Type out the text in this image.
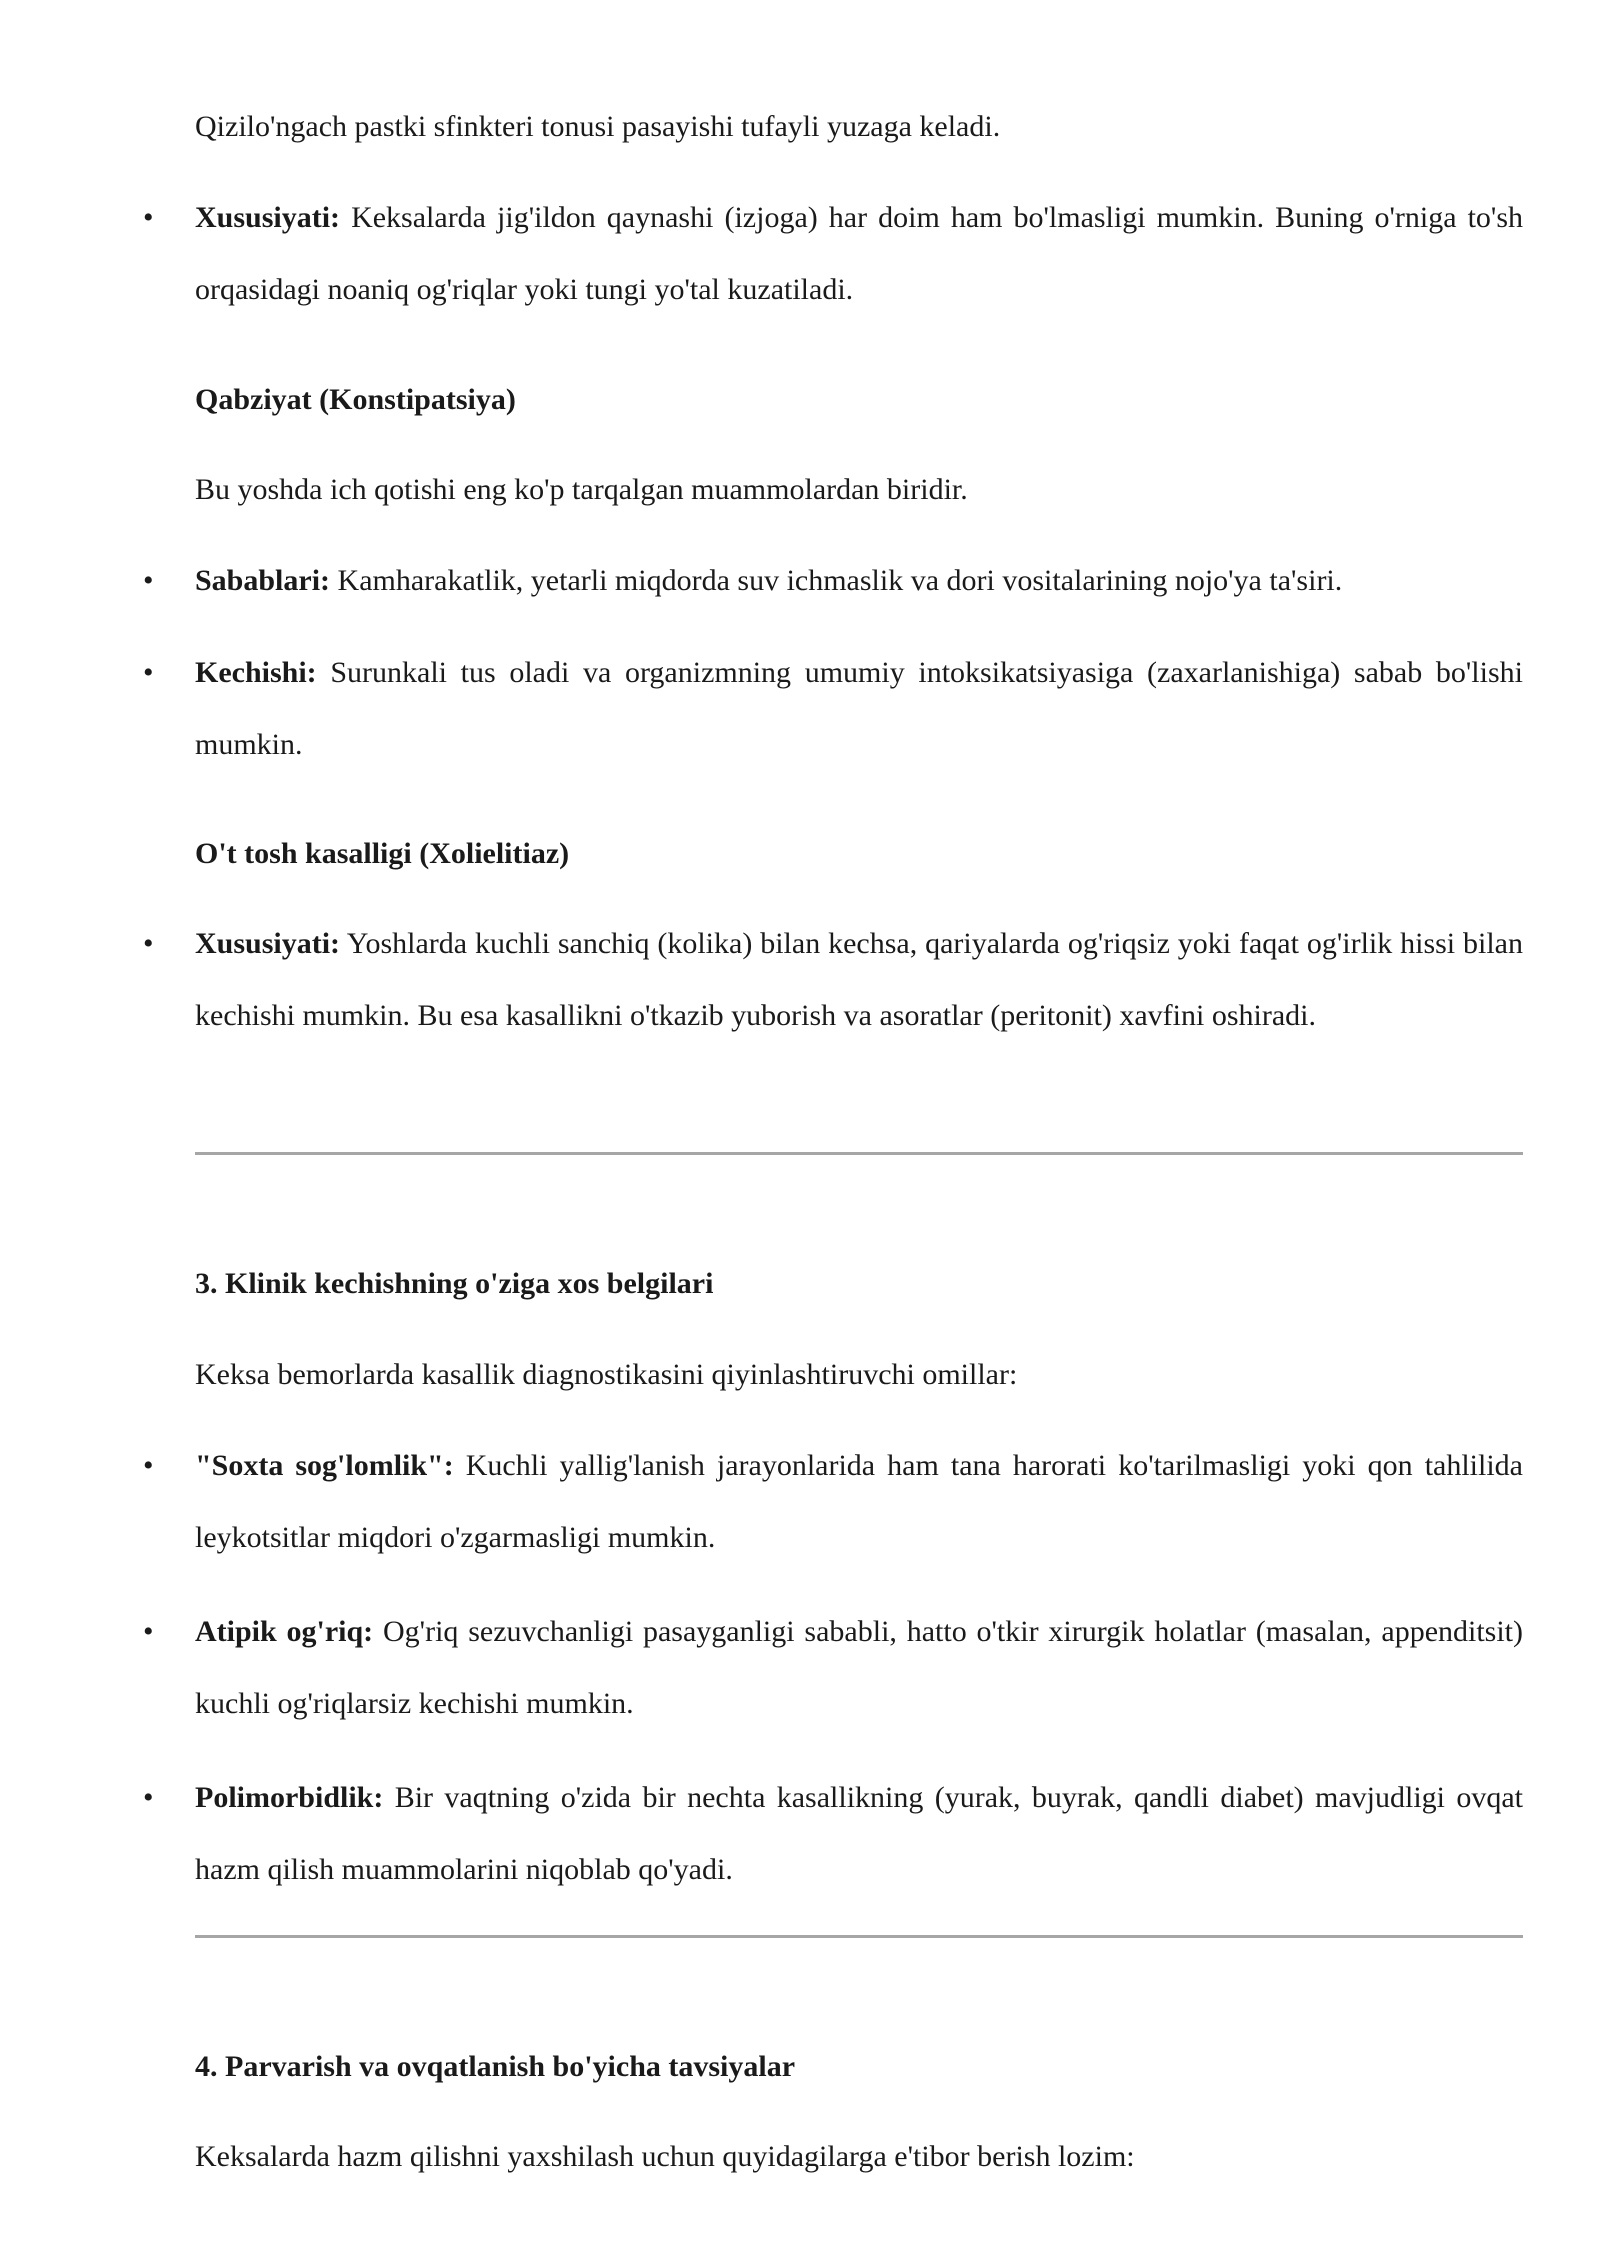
Qizilo'ngach pastki sfinkteri tonusi pasayishi tufayli yuzaga keladi.

• Xususiyati: Keksalarda jig'ildon qaynashi (izjoga) har doim ham bo'lmasligi mumkin. Buning o'rniga to'sh orqasidagi noaniq og'riqlar yoki tungi yo'tal kuzatiladi.

Qabziyat (Konstipatsiya)

Bu yoshda ich qotishi eng ko'p tarqalgan muammolardan biridir.

• Sabablari: Kamharakatlik, yetarli miqdorda suv ichmaslik va dori vositalarining nojo'ya ta'siri.

• Kechishi: Surunkali tus oladi va organizmning umumiy intoksikatsiyasiga (zaxarlanishiga) sabab bo'lishi mumkin.

O't tosh kasalligi (Xolielitiaz)

• Xususiyati: Yoshlarda kuchli sanchiq (kolika) bilan kechsa, qariyalarda og'riqsiz yoki faqat og'irlik hissi bilan kechishi mumkin. Bu esa kasallikni o'tkazib yuborish va asoratlar (peritonit) xavfini oshiradi.

3. Klinik kechishning o'ziga xos belgilari

Keksa bemorlarda kasallik diagnostikasini qiyinlashtiruvchi omillar:

• "Soxta sog'lomlik": Kuchli yallig'lanish jarayonlarida ham tana harorati ko'tarilmasligi yoki qon tahlilida leykotsitlar miqdori o'zgarmasligi mumkin.

• Atipik og'riq: Og'riq sezuvchanligi pasayganligi sababli, hatto o'tkir xirurgik holatlar (masalan, appenditsit) kuchli og'riqlarsiz kechishi mumkin.

• Polimorbidlik: Bir vaqtning o'zida bir nechta kasallikning (yurak, buyrak, qandli diabet) mavjudligi ovqat hazm qilish muammolarini niqoblab qo'yadi.

4. Parvarish va ovqatlanish bo'yicha tavsiyalar

Keksalarda hazm qilishni yaxshilash uchun quyidagilarga e'tibor berish lozim:
